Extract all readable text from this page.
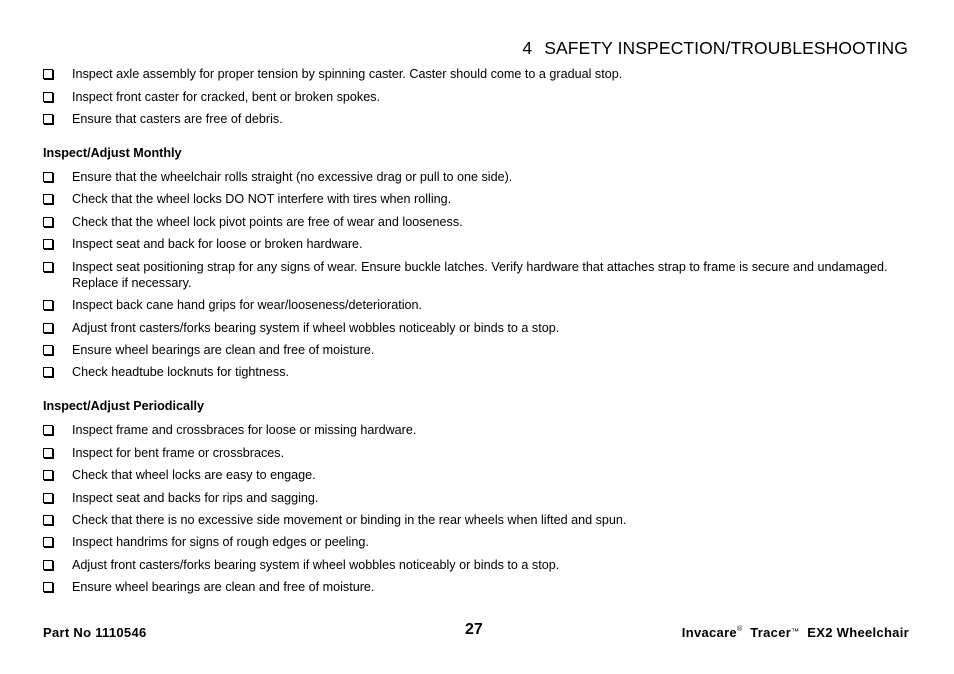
4 SAFETY INSPECTION/TROUBLESHOOTING
Inspect axle assembly for proper tension by spinning caster. Caster should come to a gradual stop.
Inspect front caster for cracked, bent or broken spokes.
Ensure that casters are free of debris.
Inspect/Adjust Monthly
Ensure that the wheelchair rolls straight (no excessive drag or pull to one side).
Check that the wheel locks DO NOT interfere with tires when rolling.
Check that the wheel lock pivot points are free of wear and looseness.
Inspect seat and back for loose or broken hardware.
Inspect seat positioning strap for any signs of wear. Ensure buckle latches. Verify hardware that attaches strap to frame is secure and undamaged. Replace if necessary.
Inspect back cane hand grips for wear/looseness/deterioration.
Adjust front casters/forks bearing system if wheel wobbles noticeably or binds to a stop.
Ensure wheel bearings are clean and free of moisture.
Check headtube locknuts for tightness.
Inspect/Adjust Periodically
Inspect frame and crossbraces for loose or missing hardware.
Inspect for bent frame or crossbraces.
Check that wheel locks are easy to engage.
Inspect seat and backs for rips and sagging.
Check that there is no excessive side movement or binding in the rear wheels when lifted and spun.
Inspect handrims for signs of rough edges or peeling.
Adjust front casters/forks bearing system if wheel wobbles noticeably or binds to a stop.
Ensure wheel bearings are clean and free of moisture.
Part No 1110546	27	Invacare® Tracer™ EX2 Wheelchair
